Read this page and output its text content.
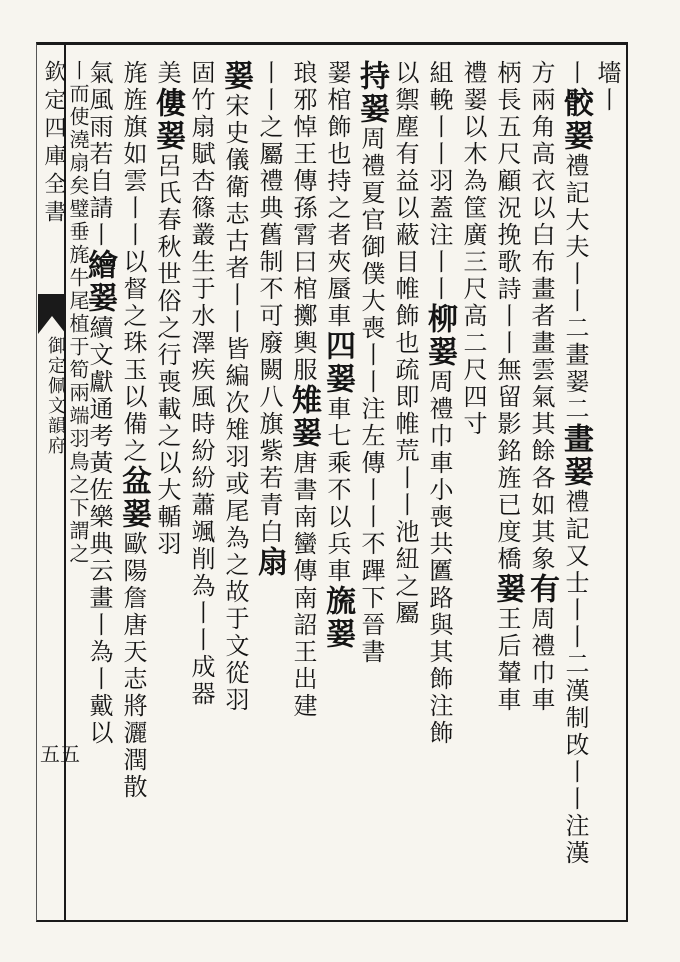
欽定四庫全書
御定佩文韻府
五五
墻丨
丨骹翣禮記大夫丨丨二畫翣二畫翣禮記又士丨丨二漢制攺丨丨注漢
方兩角高衣以白布畫者畫雲氣其餘各如其象有周禮巾車
柄長五尺顧況挽歌詩丨丨無留影銘旌已度橋翣王后輦車
禮翣以木為筐廣三尺高二尺四寸
組輓丨丨羽蓋注丨丨柳翣周禮巾車小喪共匶路與其飾注飾
以禦塵有益以蔽目帷飾也疏即帷荒丨丨池紐之屬
持翣周禮夏官御僕大喪丨丨注左傳丨丨不蹕下晉書
翣棺飾也持之者夾蜃車四翣車七乘不以兵車旒翣
琅邪悼王傳孫霄曰棺擲輿服雉翣唐書南蠻傳南詔王出建
丨丨之屬禮典舊制不可廢闕八旗紫若青白扇
翣宋史儀衛志古者丨丨皆編次雉羽或尾為之故于文從羽
固竹扇賦杏篠叢生于水澤疾風時紛紛蕭颯削為丨丨成器
美僂翣呂氏春秋世俗之行喪載之以大輴羽
旄旌旗如雲丨丨以督之珠玉以備之盆翣歐陽詹唐天志將灑潤散
氣風雨若自請丨繪翣續文獻通考黃佐樂典云畫丨為丨戴以
丨而使澆扇矣璧垂旄牛尾植于筍兩端羽鳥之下謂之
